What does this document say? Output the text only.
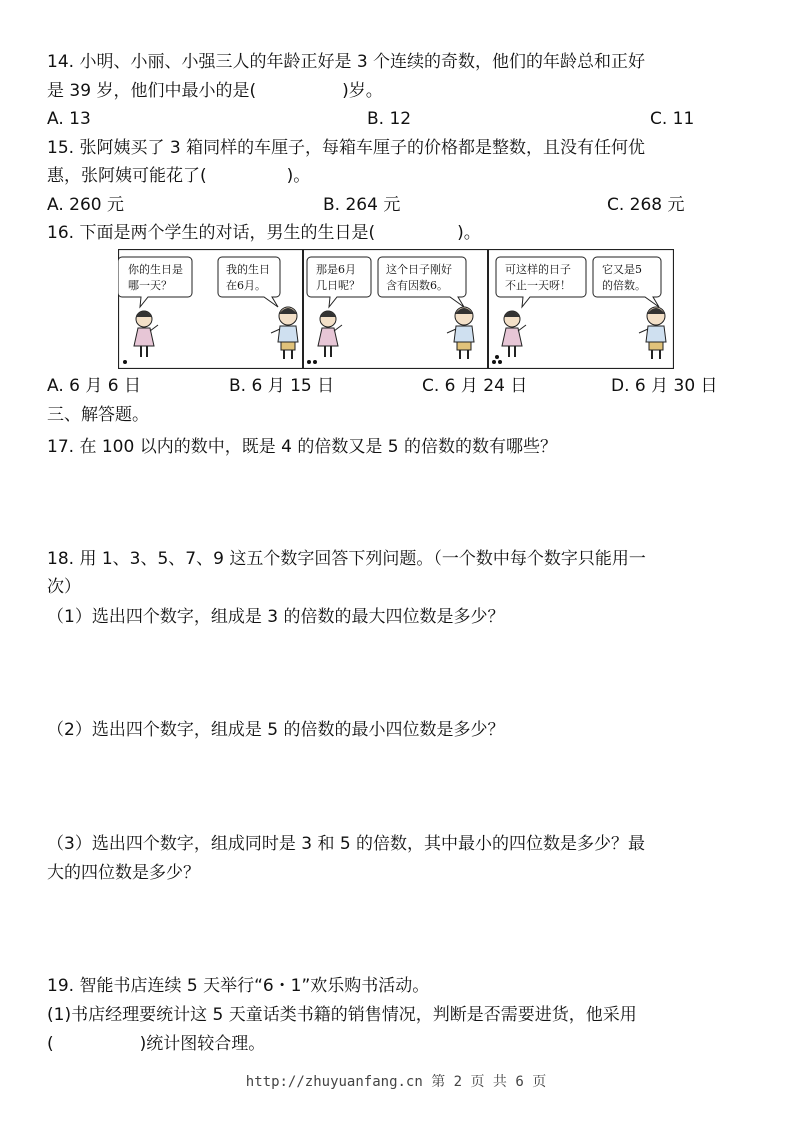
14. 小明、小丽、小强三人的年龄正好是 3 个连续的奇数，他们的年龄总和正好
是 39 岁，他们中最小的是(	)岁。
A. 13	B. 12	C. 11
15. 张阿姨买了 3 箱同样的车厘子，每箱车厘子的价格都是整数，且没有任何优
惠，张阿姨可能花了(	)。
A. 260 元	B. 264 元	C. 268 元
16. 下面是两个学生的对话，男生的生日是(	)。
你的生日是
哪一天？
我的生日
在6月。
那是6月
几日呢？
这个日子刚好
含有因数6。
可这样的日子
不止一天呀！
它又是5
的倍数。
A. 6 月 6 日	B. 6 月 15 日	C. 6 月 24 日	D. 6 月 30 日
三、解答题。
17. 在 100 以内的数中，既是 4 的倍数又是 5 的倍数的数有哪些？
18. 用 1、3、5、7、9 这五个数字回答下列问题。（一个数中每个数字只能用一
次）
（1）选出四个数字，组成是 3 的倍数的最大四位数是多少？
（2）选出四个数字，组成是 5 的倍数的最小四位数是多少？
（3）选出四个数字，组成同时是 3 和 5 的倍数，其中最小的四位数是多少？最
大的四位数是多少？
19. 智能书店连续 5 天举行“6・1”欢乐购书活动。
(1)书店经理要统计这 5 天童话类书籍的销售情况，判断是否需要进货，他采用
(	)统计图较合理。
http://zhuyuanfang.cn 第 2 页 共 6 页
